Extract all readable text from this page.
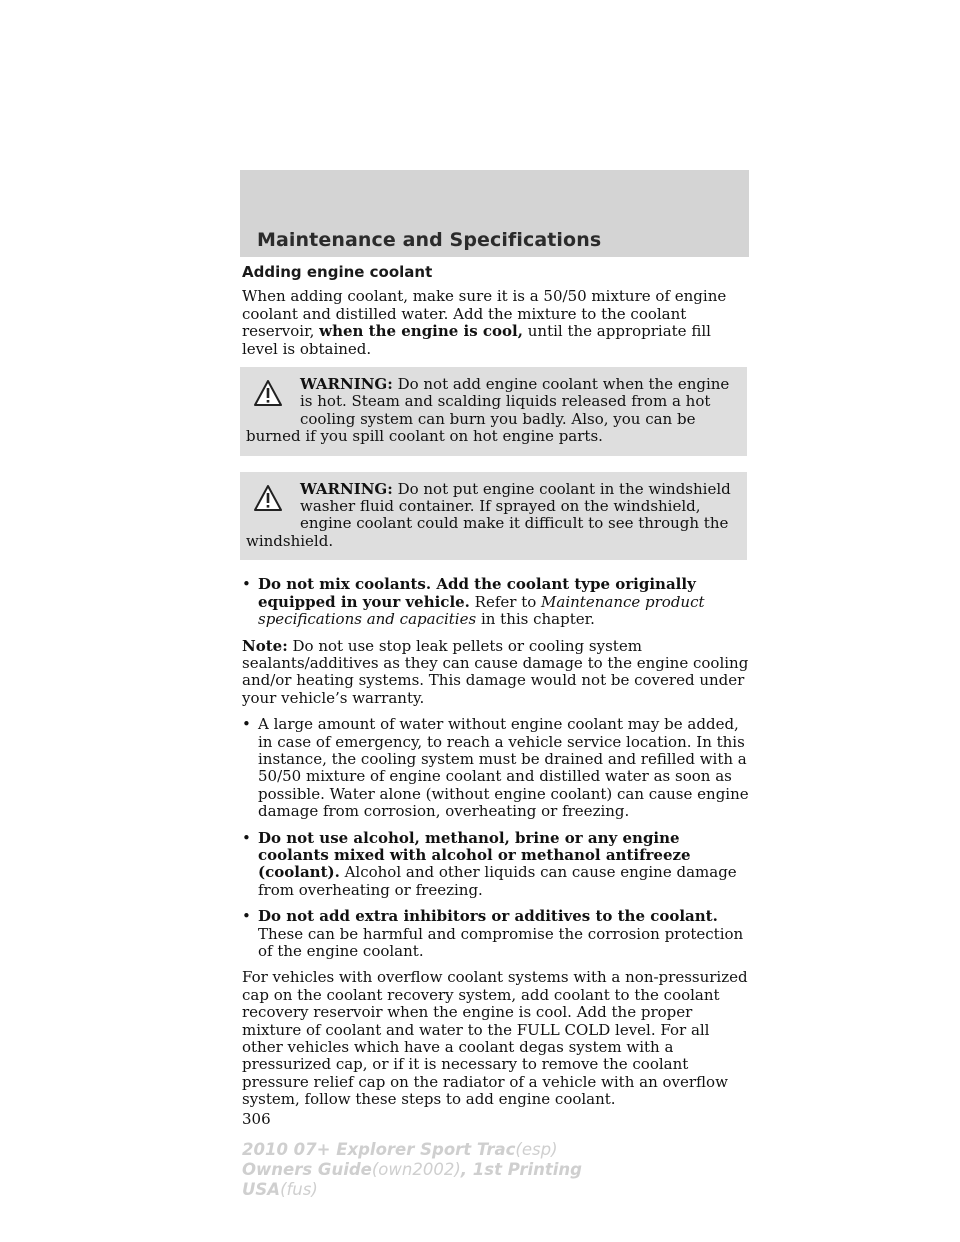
Maintenance and Specifications
Adding engine coolant

When adding coolant, make sure it is a 50/50 mixture of engine coolant and distilled water. Add the mixture to the coolant reservoir, when the engine is cool, until the appropriate fill level is obtained.

WARNING: Do not add engine coolant when the engine is hot. Steam and scalding liquids released from a hot cooling system can burn you badly. Also, you can be burned if you spill coolant on hot engine parts.
WARNING: Do not put engine coolant in the windshield washer fluid container. If sprayed on the windshield, engine coolant could make it difficult to see through the windshield.
• Do not mix coolants. Add the coolant type originally equipped in your vehicle. Refer to Maintenance product specifications and capacities in this chapter.

Note: Do not use stop leak pellets or cooling system sealants/additives as they can cause damage to the engine cooling and/or heating systems. This damage would not be covered under your vehicle’s warranty.

• A large amount of water without engine coolant may be added, in case of emergency, to reach a vehicle service location. In this instance, the cooling system must be drained and refilled with a 50/50 mixture of engine coolant and distilled water as soon as possible. Water alone (without engine coolant) can cause engine damage from corrosion, overheating or freezing.
• Do not use alcohol, methanol, brine or any engine coolants mixed with alcohol or methanol antifreeze (coolant). Alcohol and other liquids can cause engine damage from overheating or freezing.
• Do not add extra inhibitors or additives to the coolant. These can be harmful and compromise the corrosion protection of the engine coolant.

For vehicles with overflow coolant systems with a non-pressurized cap on the coolant recovery system, add coolant to the coolant recovery reservoir when the engine is cool. Add the proper mixture of coolant and water to the FULL COLD level. For all other vehicles which have a coolant degas system with a pressurized cap, or if it is necessary to remove the coolant pressure relief cap on the radiator of a vehicle with an overflow system, follow these steps to add engine coolant.

306
2010 07+ Explorer Sport Trac(esp)
Owners Guide(own2002), 1st Printing
USA(fus)
